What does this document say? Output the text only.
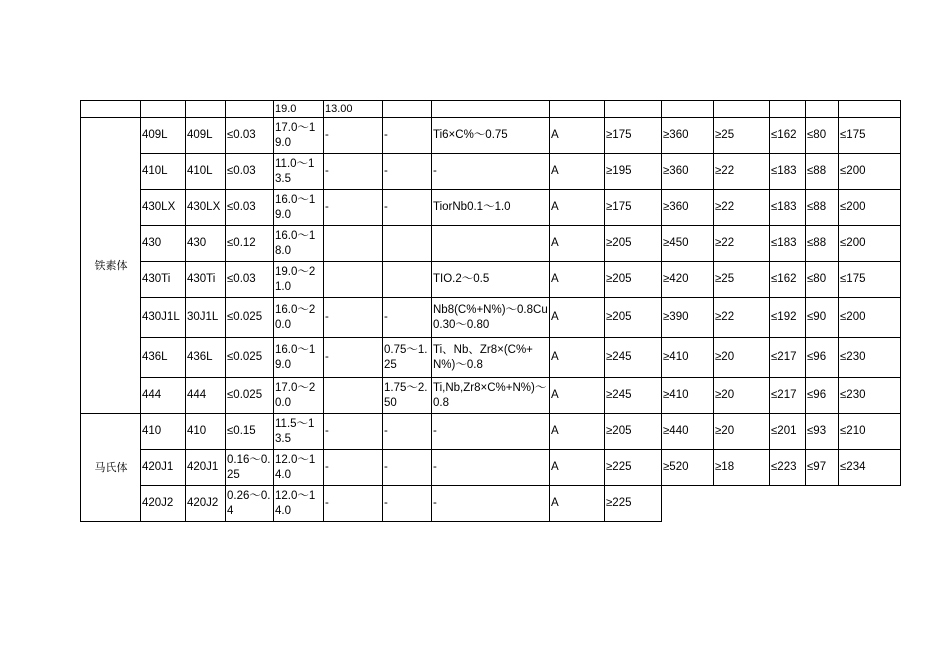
				19.0	13.00									
铁素体	409L	409L	≤0.03	17.0～19.0	-	-	Ti6×C%～0.75	A	≥175	≥360	≥25	≤162	≤80	≤175
	410L	410L	≤0.03	11.0～13.5	-	-	-	A	≥195	≥360	≥22	≤183	≤88	≤200
	430LX	430LX	≤0.03	16.0～19.0	-	-	TiorNb0.1～1.0	A	≥175	≥360	≥22	≤183	≤88	≤200
	430	430	≤0.12	16.0～18.0				A	≥205	≥450	≥22	≤183	≤88	≤200
	430Ti	430Ti	≤0.03	19.0～21.0			TIO.2～0.5	A	≥205	≥420	≥25	≤162	≤80	≤175
	430J1L	30J1L	≤0.025	16.0～20.0	-	-	Nb8(C%+N%)～0.8Cu0.30～0.80	A	≥205	≥390	≥22	≤192	≤90	≤200
	436L	436L	≤0.025	16.0～19.0	-	0.75～1.25	Ti、Nb、Zr8×(C%+N%)～0.8	A	≥245	≥410	≥20	≤217	≤96	≤230
	444	444	≤0.025	17.0～20.0		1.75～2.50	Ti,Nb,Zr8×C%+N%)～0.8	A	≥245	≥410	≥20	≤217	≤96	≤230
马氏体	410	410	≤0.15	11.5～13.5	-	-	-	A	≥205	≥440	≥20	≤201	≤93	≤210
	420J1	420J1	0.16～0.25	12.0～14.0	-	-	-	A	≥225	≥520	≥18	≤223	≤97	≤234
	420J2	420J2	0.26～0.4	12.0～14.0	-	-	-	A	≥225					
